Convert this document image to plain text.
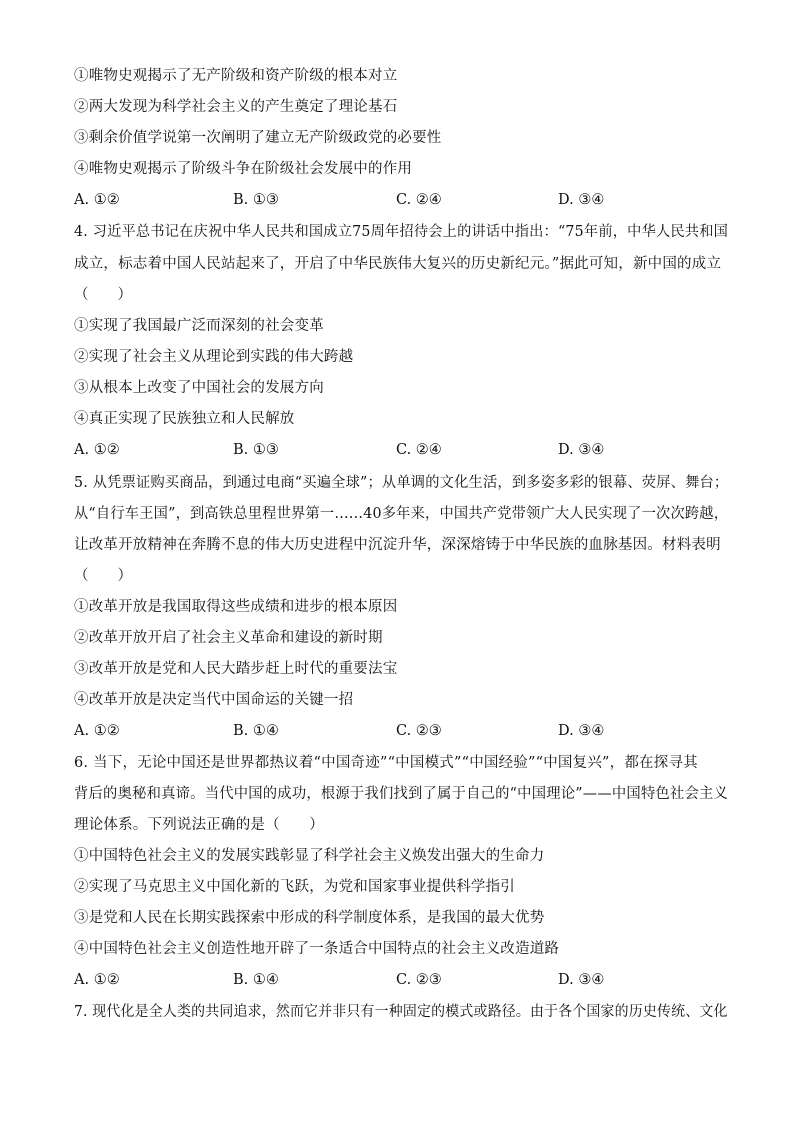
①唯物史观揭示了无产阶级和资产阶级的根本对立
②两大发现为科学社会主义的产生奠定了理论基石
③剩余价值学说第一次阐明了建立无产阶级政党的必要性
④唯物史观揭示了阶级斗争在阶级社会发展中的作用
A. ①②	B. ①③	C. ②④	D. ③④
4. 习近平总书记在庆祝中华人民共和国成立75周年招待会上的讲话中指出：“75年前，中华人民共和国
成立，标志着中国人民站起来了，开启了中华民族伟大复兴的历史新纪元。”据此可知，新中国的成立
（　　）
①实现了我国最广泛而深刻的社会变革
②实现了社会主义从理论到实践的伟大跨越
③从根本上改变了中国社会的发展方向
④真正实现了民族独立和人民解放
A. ①②	B. ①③	C. ②④	D. ③④
5. 从凭票证购买商品，到通过电商“买遍全球”；从单调的文化生活，到多姿多彩的银幕、荧屏、舞台；
从“自行车王国”，到高铁总里程世界第一……40多年来，中国共产党带领广大人民实现了一次次跨越，
让改革开放精神在奔腾不息的伟大历史进程中沉淀升华，深深熔铸于中华民族的血脉基因。材料表明
（　　）
①改革开放是我国取得这些成绩和进步的根本原因
②改革开放开启了社会主义革命和建设的新时期
③改革开放是党和人民大踏步赶上时代的重要法宝
④改革开放是决定当代中国命运的关键一招
A. ①②	B. ①④	C. ②③	D. ③④
6. 当下，无论中国还是世界都热议着“中国奇迹”“中国模式”“中国经验”“中国复兴”，都在探寻其
背后的奥秘和真谛。当代中国的成功，根源于我们找到了属于自己的“中国理论”——中国特色社会主义
理论体系。下列说法正确的是（　　）
①中国特色社会主义的发展实践彰显了科学社会主义焕发出强大的生命力
②实现了马克思主义中国化新的飞跃，为党和国家事业提供科学指引
③是党和人民在长期实践探索中形成的科学制度体系，是我国的最大优势
④中国特色社会主义创造性地开辟了一条适合中国特点的社会主义改造道路
A. ①②	B. ①④	C. ②③	D. ③④
7. 现代化是全人类的共同追求，然而它并非只有一种固定的模式或路径。由于各个国家的历史传统、文化
